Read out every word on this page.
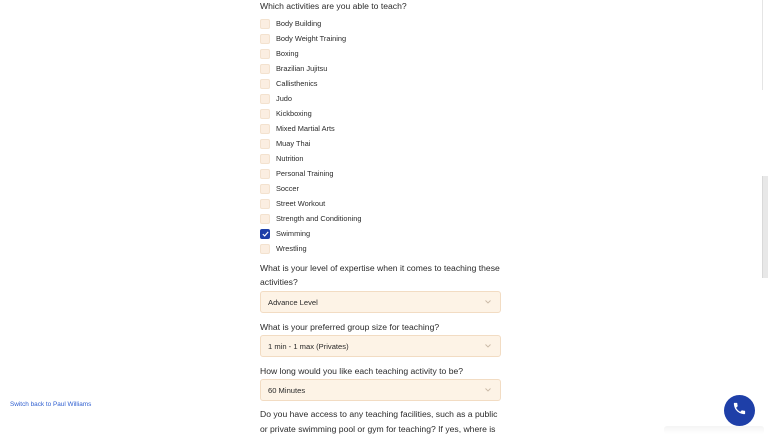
Which activities are you able to teach?
Body Building
Body Weight Training
Boxing
Brazilian Jujitsu
Callisthenics
Judo
Kickboxing
Mixed Martial Arts
Muay Thai
Nutrition
Personal Training
Soccer
Street Workout
Strength and Conditioning
Swimming
Wrestling
What is your level of expertise when it comes to teaching these activities?
Advance Level
What is your preferred group size for teaching?
1 min - 1 max (Privates)
How long would you like each teaching activity to be?
60 Minutes
Do you have access to any teaching facilities, such as a public or private swimming pool or gym for teaching? If yes, where is
Switch back to Paul Williams
